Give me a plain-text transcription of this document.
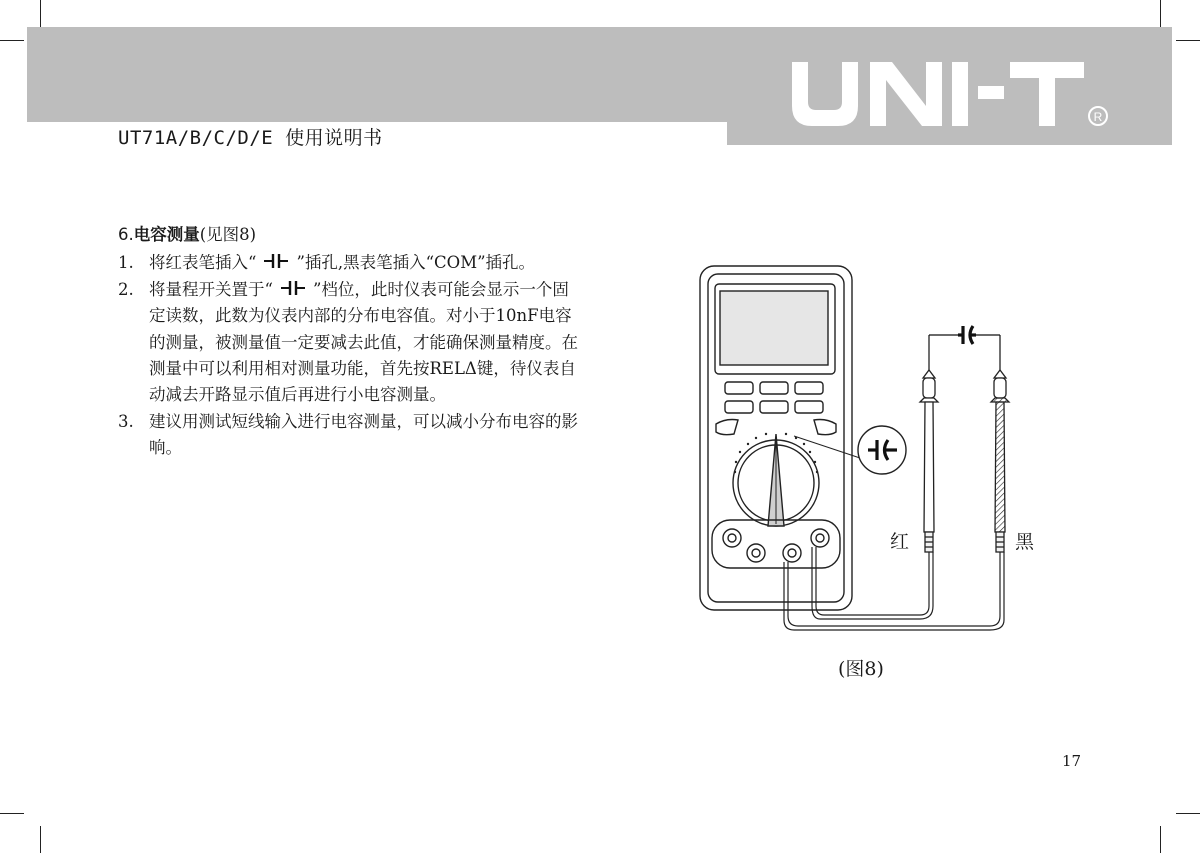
UT71A/B/C/D/E 使用说明书
R
6.电容测量(见图8)
1. 将红表笔插入“ ”插孔,黑表笔插入“COM”插孔。
2. 将量程开关置于“ ”档位，此时仪表可能会显示一个固定读数，此数为仪表内部的分布电容值。对小于10nF电容的测量，被测量值一定要减去此值，才能确保测量精度。在测量中可以利用相对测量功能，首先按RELΔ键，待仪表自动减去开路显示值后再进行小电容测量。
3. 建议用测试短线输入进行电容测量，可以减小分布电容的影响。
红	黑
(图8)
17
